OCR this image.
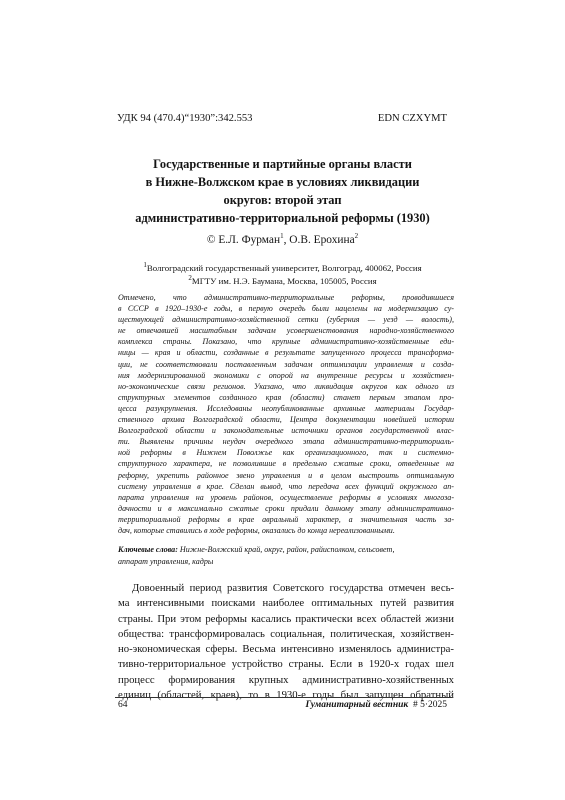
УДК 94 (470.4)“1930”:342.553	EDN CZXYMT
Государственные и партийные органы власти
в Нижне-Волжском крае в условиях ликвидации
округов: второй этап
административно-территориальной реформы (1930)
© Е.Л. Фурман$^1$, О.В. Ерохина$^2$
$^1$Волгоградский государственный университет, Волгоград, 400062, Россия
$^2$МГТУ им. Н.Э. Баумана, Москва, 105005, Россия
Отмечено, что административно-территориальные реформы, проводившиеся
в СССР в 1920–1930-е годы, в первую очередь были нацелены на модернизацию су-
ществующей административно-хозяйственной сетки (губерния — уезд — волость),
не отвечавшей масштабным задачам усовершенствования народно-хозяйственного
комплекса страны. Показано, что крупные административно-хозяйственные еди-
ницы — края и области, созданные в результате запущенного процесса трансформа-
ции, не соответствовали поставленным задачам оптимизации управления и созда-
ния модернизированной экономики с опорой на внутренние ресурсы и хозяйствен-
но-экономические связи регионов. Указано, что ликвидация округов как одного из
структурных элементов созданного края (области) станет первым этапом про-
цесса разукрупнения. Исследованы неопубликованные архивные материалы Государ-
ственного архива Волгоградской области, Центра документации новейшей истории
Волгоградской области и законодательные источники органов государственной влас-
ти. Выявлены причины неудач очередного этапа административно-территориаль-
ной реформы в Нижнем Поволжье как организационного, так и системно-
структурного характера, не позволившие в предельно сжатые сроки, отведенные на
реформу, укрепить районное звено управления и в целом выстроить оптимальную
систему управления в крае. Сделан вывод, что передача всех функций окружного ап-
парата управления на уровень районов, осуществление реформы в условиях многоза-
дачности и в максимально сжатые сроки придали данному этапу административно-
территориальной реформы в крае авральный характер, а значительная часть за-
дач, которые ставились в ходе реформы, оказались до конца нереализованными.
Ключевые слова: Нижне-Волжский край, округ, район, райисполком, сельсовет,
аппарат управления, кадры
Довоенный период развития Советского государства отмечен весь-
ма интенсивными поисками наиболее оптимальных путей развития
страны. При этом реформы касались практически всех областей жизни
общества: трансформировалась социальная, политическая, хозяйствен-
но-экономическая сферы. Весьма интенсивно изменялось администра-
тивно-территориальное устройство страны. Если в 1920-х годах шел
процесс формирования крупных административно-хозяйственных
единиц (областей, краев), то в 1930-е годы был запущен обратный
64	Гуманитарный вестник # 5·2025
